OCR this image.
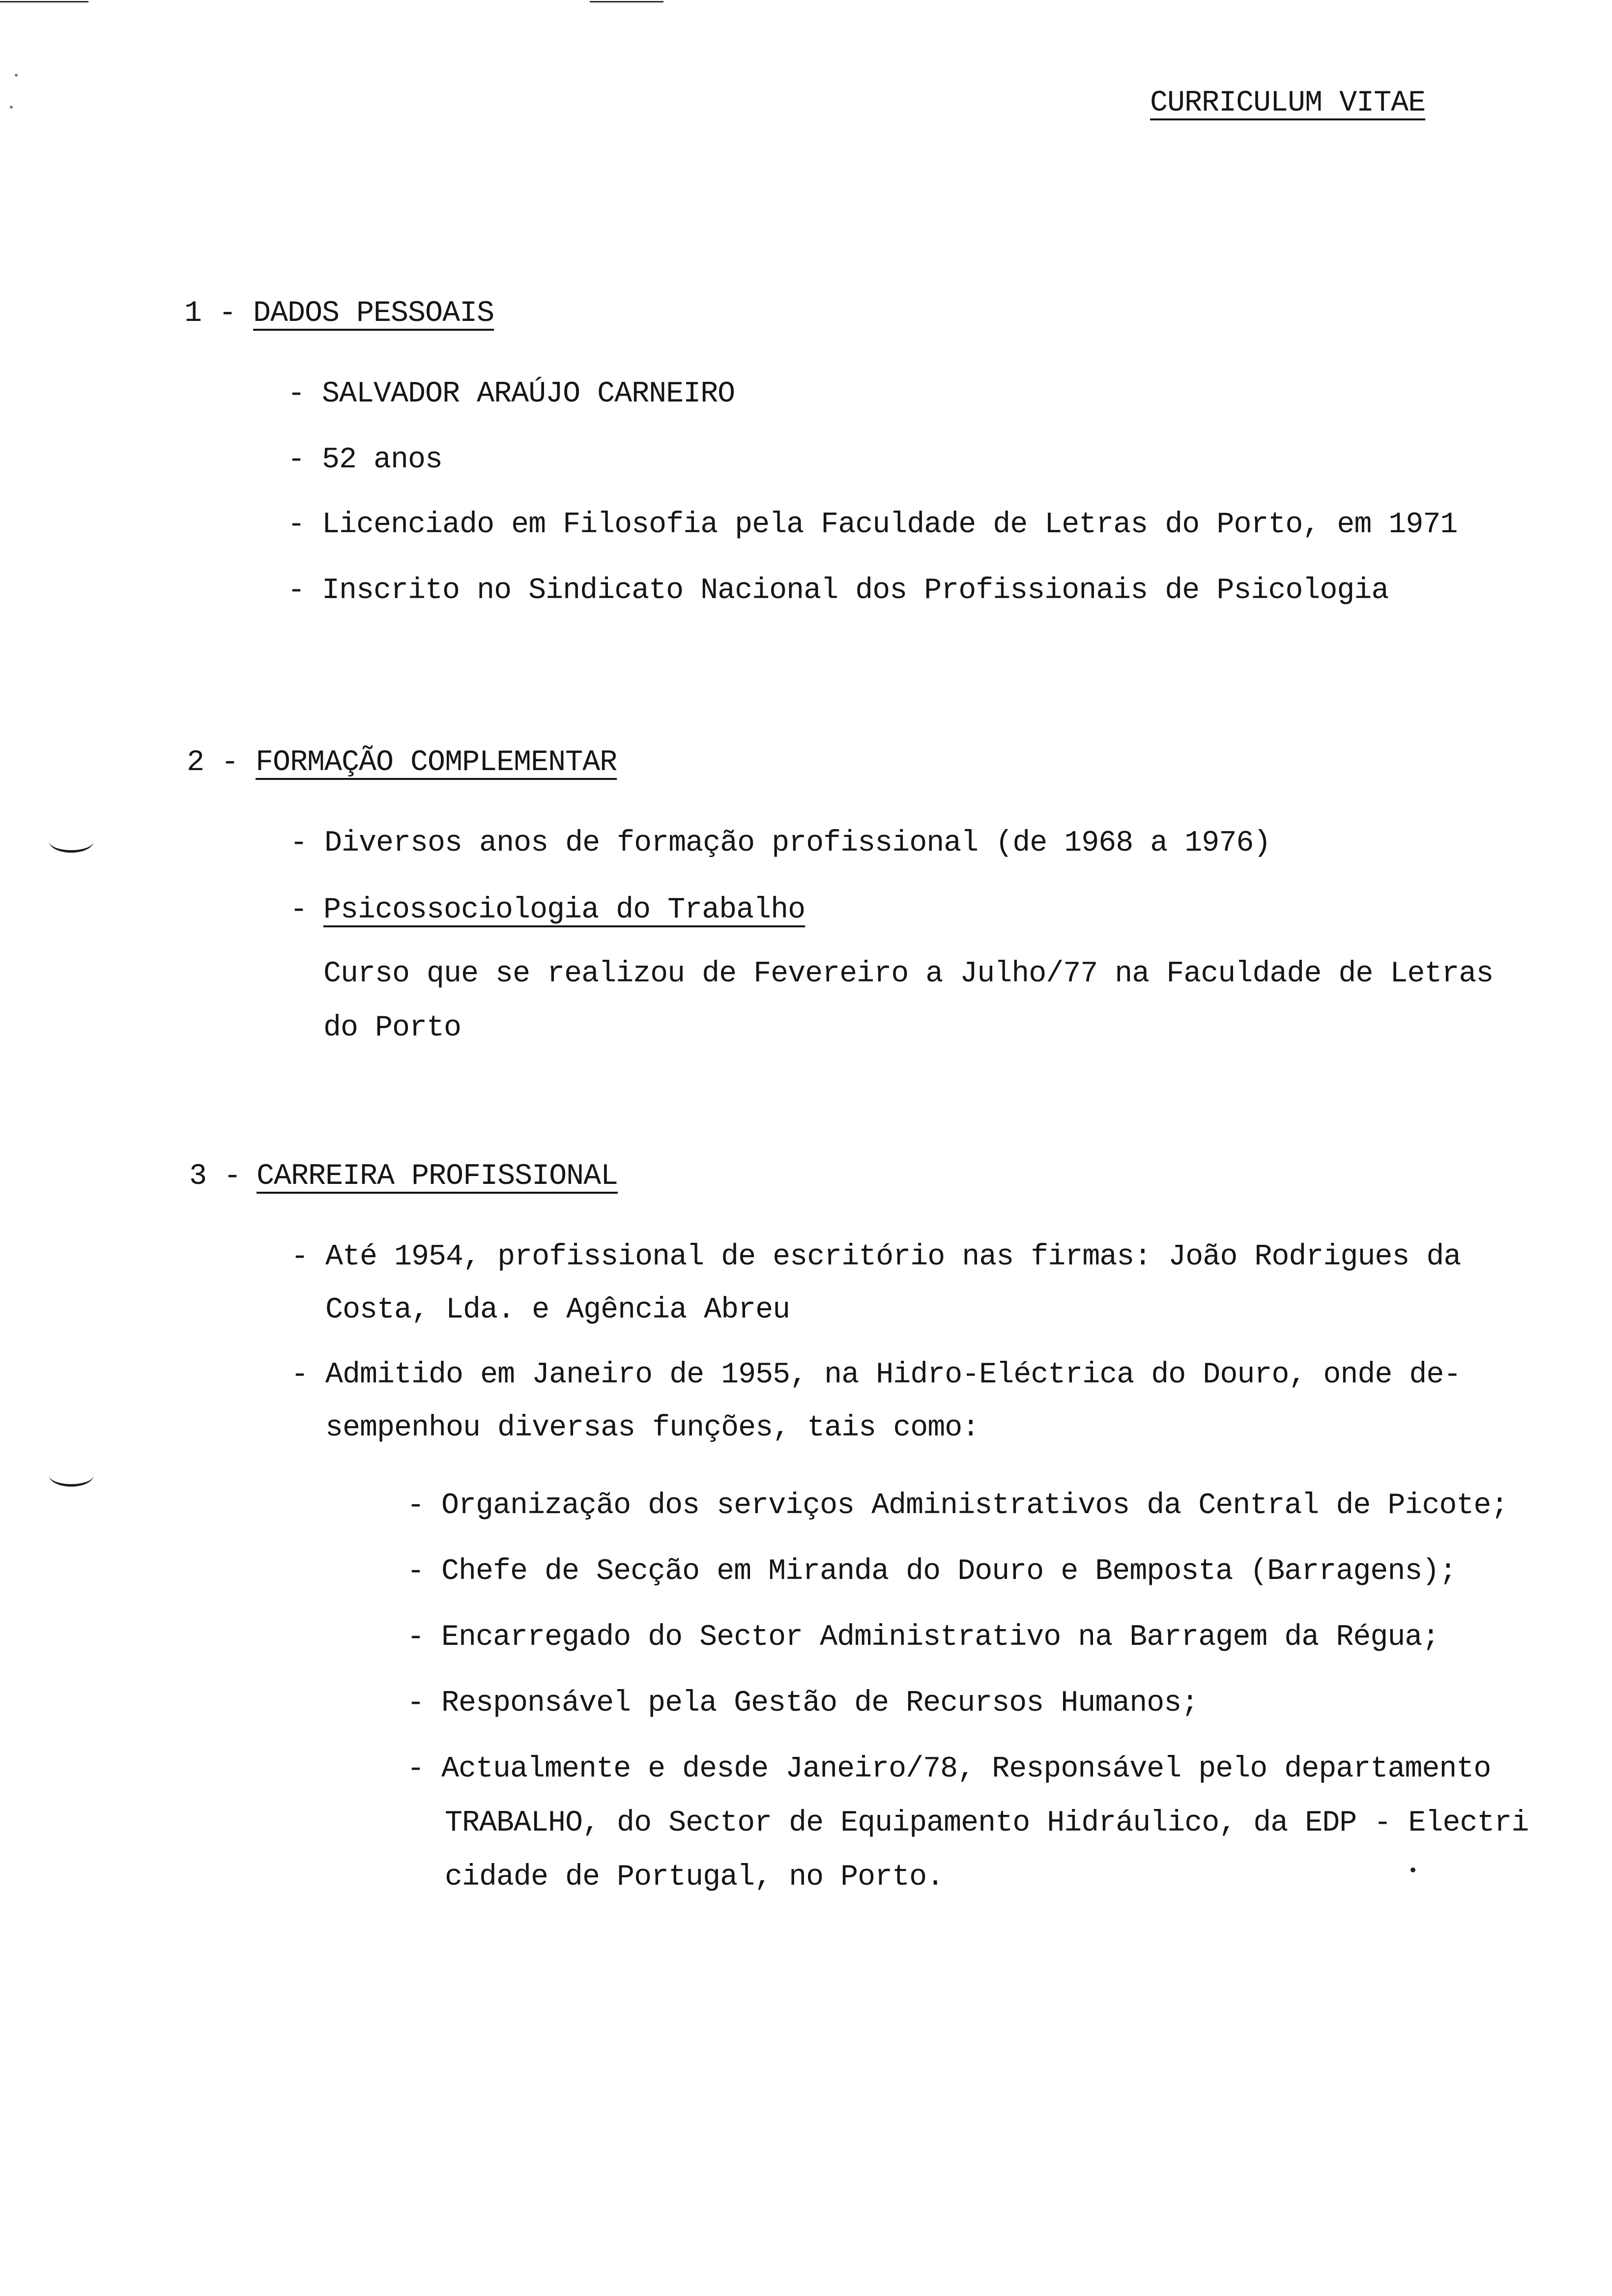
CURRICULUM VITAE
1 - DADOS PESSOAIS
- SALVADOR ARAÚJO CARNEIRO
- 52 anos
- Licenciado em Filosofia pela Faculdade de Letras do Porto, em 1971
- Inscrito no Sindicato Nacional dos Profissionais de Psicologia
2 - FORMAÇÃO COMPLEMENTAR
- Diversos anos de formação profissional (de 1968 a 1976)
- Psicossociologia do Trabalho
Curso que se realizou de Fevereiro a Julho/77 na Faculdade de Letras
do Porto
3 - CARREIRA PROFISSIONAL
- Até 1954, profissional de escritório nas firmas: João Rodrigues da
Costa, Lda. e Agência Abreu
- Admitido em Janeiro de 1955, na Hidro-Eléctrica do Douro, onde de-
sempenhou diversas funções, tais como:
- Organização dos serviços Administrativos da Central de Picote;
- Chefe de Secção em Miranda do Douro e Bemposta (Barragens);
- Encarregado do Sector Administrativo na Barragem da Régua;
- Responsável pela Gestão de Recursos Humanos;
- Actualmente e desde Janeiro/78, Responsável pelo departamento
TRABALHO, do Sector de Equipamento Hidráulico, da EDP - Electri
cidade de Portugal, no Porto.
